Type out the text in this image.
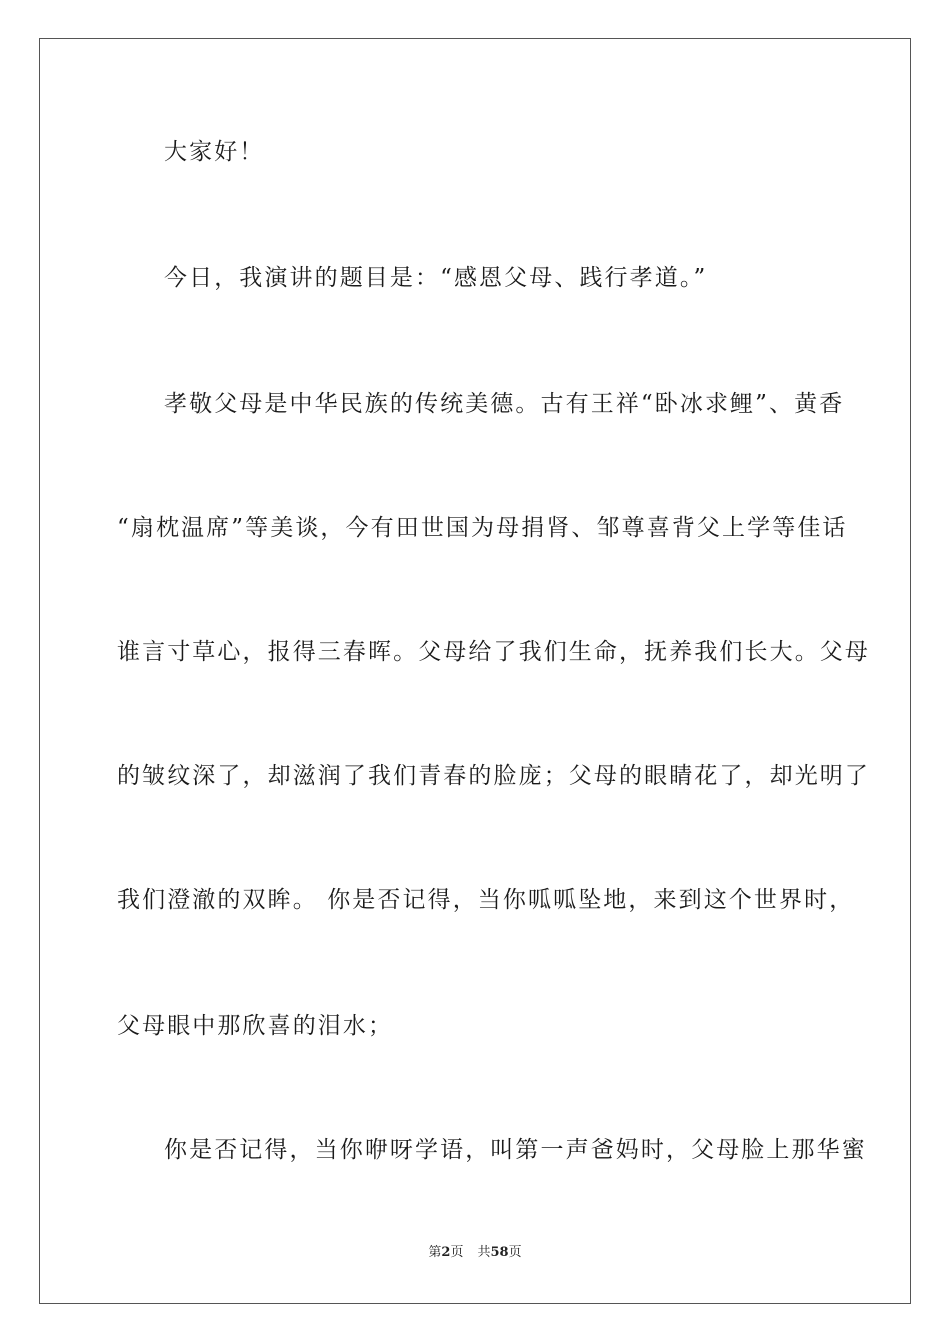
大家好！
今日，我演讲的题目是：“感恩父母、践行孝道。”
孝敬父母是中华民族的传统美德。古有王祥“卧冰求鲤”、黄香
“扇枕温席”等美谈，今有田世国为母捐肾、邹尊喜背父上学等佳话
谁言寸草心，报得三春晖。父母给了我们生命，抚养我们长大。父母
的皱纹深了，却滋润了我们青春的脸庞；父母的眼睛花了，却光明了
我们澄澈的双眸。 你是否记得，当你呱呱坠地，来到这个世界时，
父母眼中那欣喜的泪水；
你是否记得，当你咿呀学语，叫第一声爸妈时，父母脸上那华蜜
第2页 共58页
